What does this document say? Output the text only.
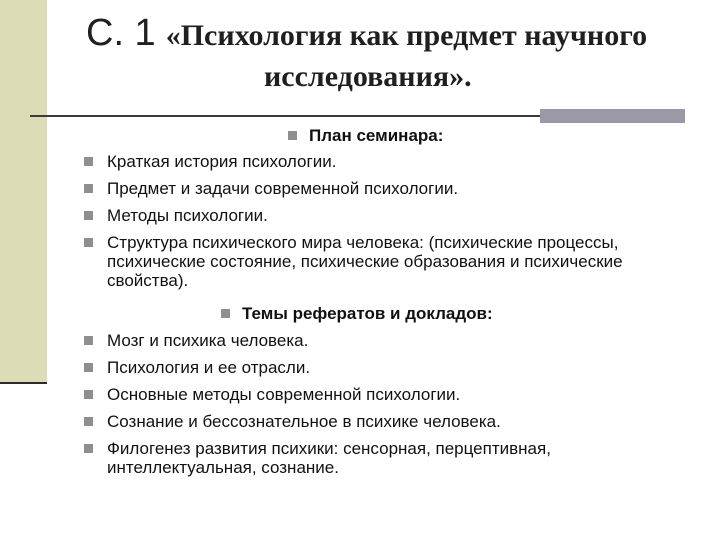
С. 1 «Психология как предмет научного
исследования».
План семинара:
Краткая история психологии.
Предмет и задачи современной психологии.
Методы психологии.
Структура психического мира человека: (психические процессы, психические состояние, психические образования и психические свойства).
Темы рефератов и докладов:
Мозг и психика человека.
Психология и ее отрасли.
Основные методы современной психологии.
Сознание и бессознательное в психике человека.
Филогенез развития психики: сенсорная, перцептивная, интеллектуальная, сознание.
